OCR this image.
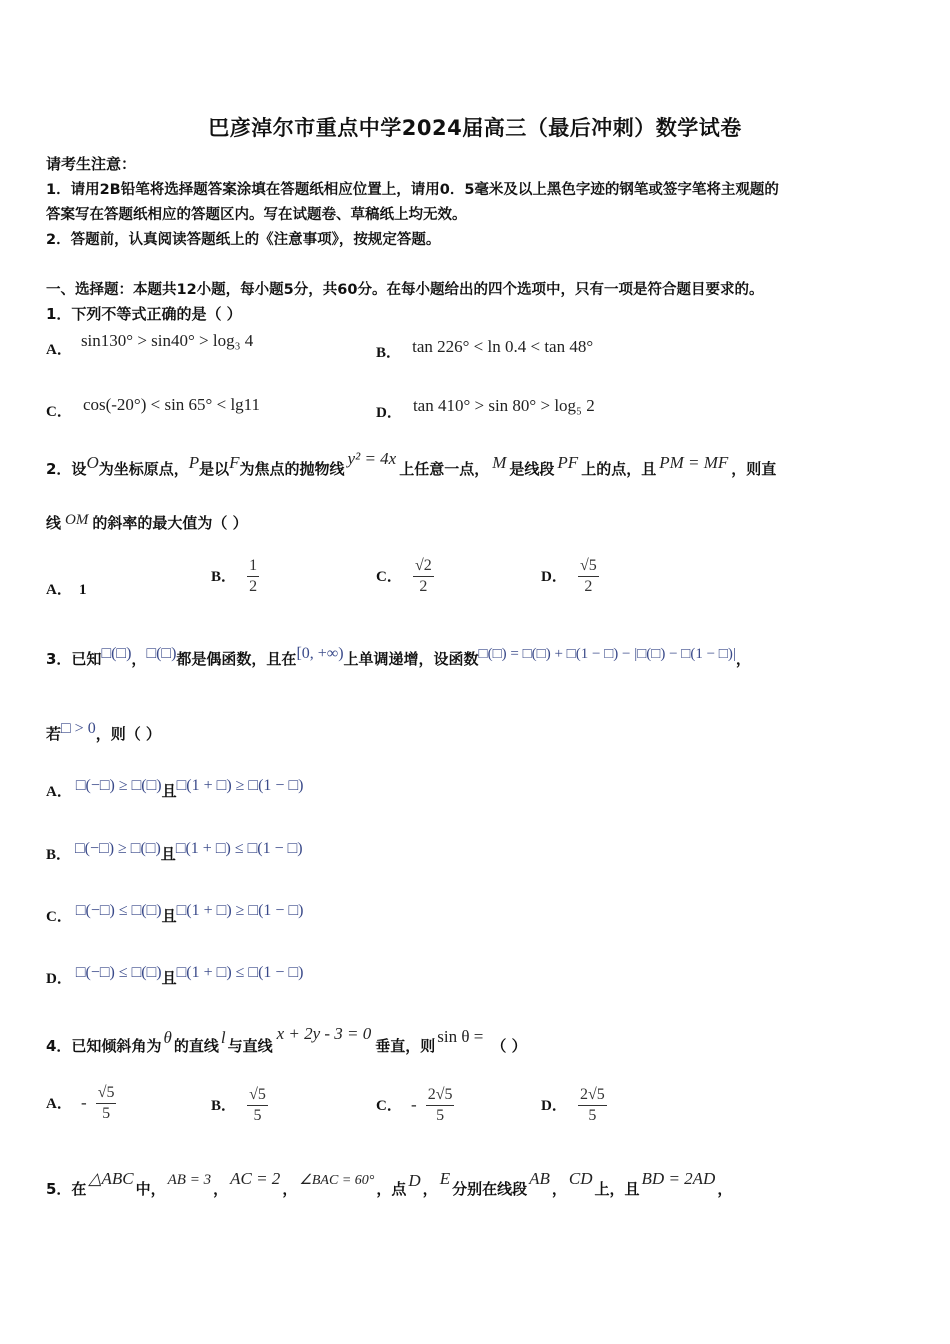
巴彦淖尔市重点中学2024届高三（最后冲刺）数学试卷
请考生注意：
1．请用2B铅笔将选择题答案涂填在答题纸相应位置上，请用0．5毫米及以上黑色字迹的钢笔或签字笔将主观题的
答案写在答题纸相应的答题区内。写在试题卷、草稿纸上均无效。
2．答题前，认真阅读答题纸上的《注意事项》，按规定答题。
一、选择题：本题共12小题，每小题5分，共60分。在每小题给出的四个选项中，只有一项是符合题目要求的。
1．下列不等式正确的是（ ）
A． sin130° > sin40° > log₃ 4
B． tan 226° < ln 0.4 < tan 48°
C． cos(-20°) < sin 65° < lg11	D． tan 410° > sin 80° > log₅ 2
2．设O为坐标原点，P是以F为焦点的抛物线y² = 4x上任意一点， M 是线段 PF 上的点，且 PM = MF ，则直
线 OM 的斜率的最大值为（ ）
A． 1
B． $\frac{1}{2}$	C． $\frac{√2}{2}$	D． $\frac{√5}{2}$
3．已知□(□)，□(□)都是偶函数，且在[0, +∞)上单调递增，设函数□(□) = □(□) + □(1 − □) − |□(□) − □(1 − □)|，
若□ > 0，则（ ）
A． □(−□) ≥ □(□)且□(1 + □) ≥ □(1 − □)
B． □(−□) ≥ □(□)且□(1 + □) ≤ □(1 − □)
C． □(−□) ≤ □(□)且□(1 + □) ≥ □(1 − □)
D． □(−□) ≤ □(□)且□(1 + □) ≤ □(1 − □)
4．已知倾斜角为 θ 的直线 l 与直线x + 2y - 3 = 0垂直，则 sin θ = （ ）
A． - $\frac{√5}{5}$	B． $\frac{√5}{5}$	C． - $\frac{2√5}{5}$	D． $\frac{2√5}{5}$
5．在△ABC中， AB = 3 ，AC = 2， ∠BAC = 60° ，点 D ，E分别在线段AB，CD上，且BD = 2AD，
